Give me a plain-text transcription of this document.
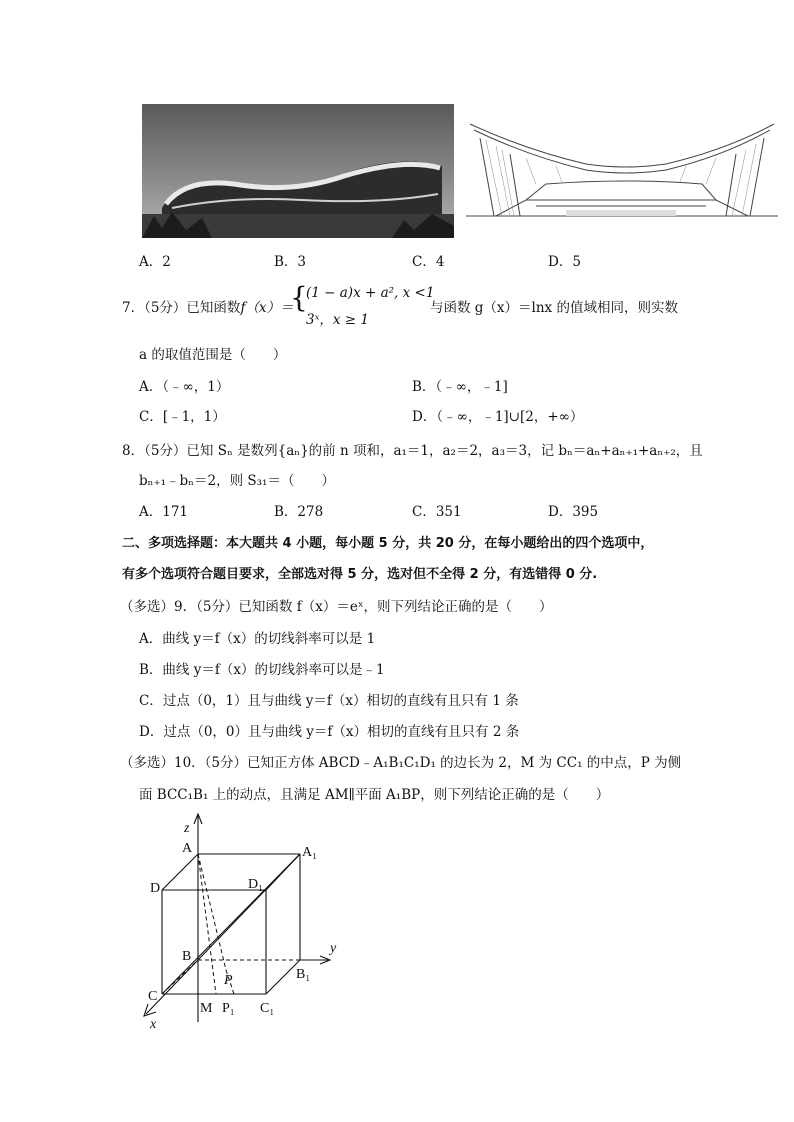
A．2	B．3	C．4	D．5
7．（5分）已知函数f（x）＝
{
(1 − a)x + a², x <1
3ˣ，x ≥ 1
与函数 g（x）＝lnx 的值域相同，则实数
a 的取值范围是（　　）
A．（﹣∞，1）	B．（﹣∞，﹣1]
C．[﹣1，1）	D．（﹣∞，﹣1]∪[2，+∞）
8．（5分）已知 Sₙ 是数列{aₙ}的前 n 项和，a₁＝1，a₂＝2，a₃＝3，记 bₙ＝aₙ+aₙ₊₁+aₙ₊₂，且
bₙ₊₁﹣bₙ＝2，则 S₃₁＝（　　）
A．171	B．278	C．351	D．395
二、多项选择题：本大题共 4 小题，每小题 5 分，共 20 分，在每小题给出的四个选项中，
有多个选项符合题目要求，全部选对得 5 分，选对但不全得 2 分，有选错得 0 分.
（多选）9．（5分）已知函数 f（x）＝eˣ，则下列结论正确的是（　　）
A．曲线 y＝f（x）的切线斜率可以是 1
B．曲线 y＝f（x）的切线斜率可以是﹣1
C．过点（0，1）且与曲线 y＝f（x）相切的直线有且只有 1 条
D．过点（0，0）且与曲线 y＝f（x）相切的直线有且只有 2 条
（多选）10．（5分）已知正方体 ABCD﹣A₁B₁C₁D₁ 的边长为 2，M 为 CC₁ 的中点，P 为侧
面 BCC₁B₁ 上的动点，且满足 AM∥平面 A₁BP，则下列结论正确的是（　　）
z
y
x
A	A₁
D	D₁
B
B₁
P
C
M P₁ C₁
